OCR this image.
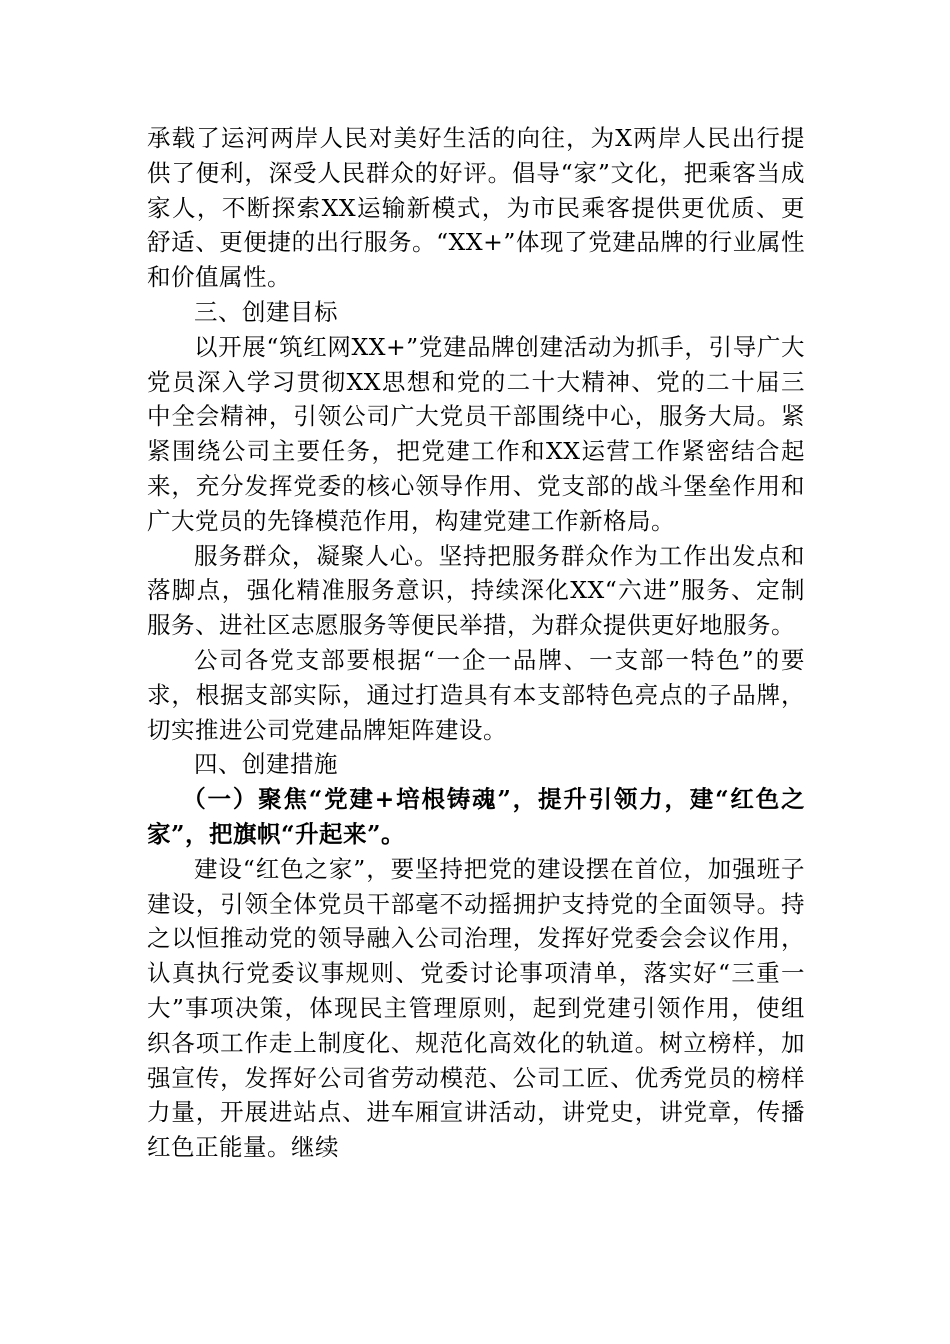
承载了运河两岸人民对美好生活的向往，为X两岸人民出行提供了便利，深受人民群众的好评。倡导“家”文化，把乘客当成家人，不断探索XX运输新模式，为市民乘客提供更优质、更舒适、更便捷的出行服务。“XX+”体现了党建品牌的行业属性和价值属性。

三、创建目标

以开展“筑红网XX+”党建品牌创建活动为抓手，引导广大党员深入学习贯彻XX思想和党的二十大精神、党的二十届三中全会精神，引领公司广大党员干部围绕中心，服务大局。紧紧围绕公司主要任务，把党建工作和XX运营工作紧密结合起来，充分发挥党委的核心领导作用、党支部的战斗堡垒作用和广大党员的先锋模范作用，构建党建工作新格局。

服务群众，凝聚人心。坚持把服务群众作为工作出发点和落脚点，强化精准服务意识，持续深化XX“六进”服务、定制服务、进社区志愿服务等便民举措，为群众提供更好地服务。

公司各党支部要根据“一企一品牌、一支部一特色”的要求，根据支部实际，通过打造具有本支部特色亮点的子品牌，切实推进公司党建品牌矩阵建设。

四、创建措施

（一）聚焦“党建+培根铸魂”，提升引领力，建“红色之家”，把旗帜“升起来”。

建设“红色之家”，要坚持把党的建设摆在首位，加强班子建设，引领全体党员干部毫不动摇拥护支持党的全面领导。持之以恒推动党的领导融入公司治理，发挥好党委会会议作用，认真执行党委议事规则、党委讨论事项清单，落实好“三重一大”事项决策，体现民主管理原则，起到党建引领作用，使组织各项工作走上制度化、规范化高效化的轨道。树立榜样，加强宣传，发挥好公司省劳动模范、公司工匠、优秀党员的榜样力量，开展进站点、进车厢宣讲活动，讲党史，讲党章，传播红色正能量。继续
